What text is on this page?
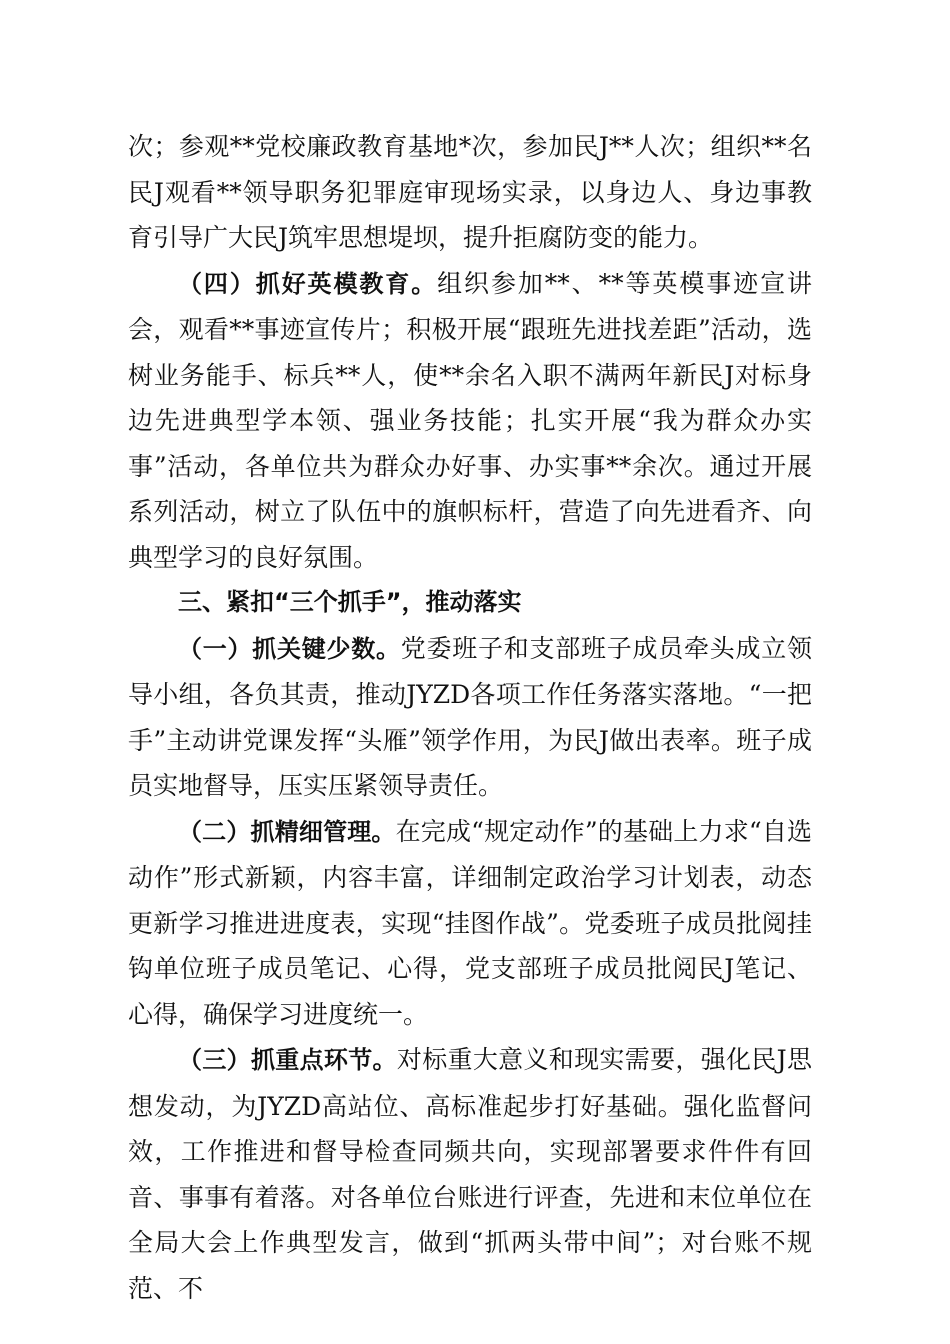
次；参观**党校廉政教育基地*次，参加民J**人次；组织**名民J观看**领导职务犯罪庭审现场实录，以身边人、身边事教育引导广大民J筑牢思想堤坝，提升拒腐防变的能力。

（四）抓好英模教育。组织参加**、**等英模事迹宣讲会，观看**事迹宣传片；积极开展“跟班先进找差距”活动，选树业务能手、标兵**人，使**余名入职不满两年新民J对标身边先进典型学本领、强业务技能；扎实开展“我为群众办实事”活动，各单位共为群众办好事、办实事**余次。通过开展系列活动，树立了队伍中的旗帜标杆，营造了向先进看齐、向典型学习的良好氛围。

三、紧扣“三个抓手”，推动落实

（一）抓关键少数。党委班子和支部班子成员牵头成立领导小组，各负其责，推动JYZD各项工作任务落实落地。“一把手”主动讲党课发挥“头雁”领学作用，为民J做出表率。班子成员实地督导，压实压紧领导责任。

（二）抓精细管理。在完成“规定动作”的基础上力求“自选动作”形式新颖，内容丰富，详细制定政治学习计划表，动态更新学习推进进度表，实现“挂图作战”。党委班子成员批阅挂钩单位班子成员笔记、心得，党支部班子成员批阅民J笔记、心得，确保学习进度统一。

（三）抓重点环节。对标重大意义和现实需要，强化民J思想发动，为JYZD高站位、高标准起步打好基础。强化监督问效，工作推进和督导检查同频共向，实现部署要求件件有回音、事事有着落。对各单位台账进行评查，先进和末位单位在全局大会上作典型发言，做到“抓两头带中间”；对台账不规范、不
